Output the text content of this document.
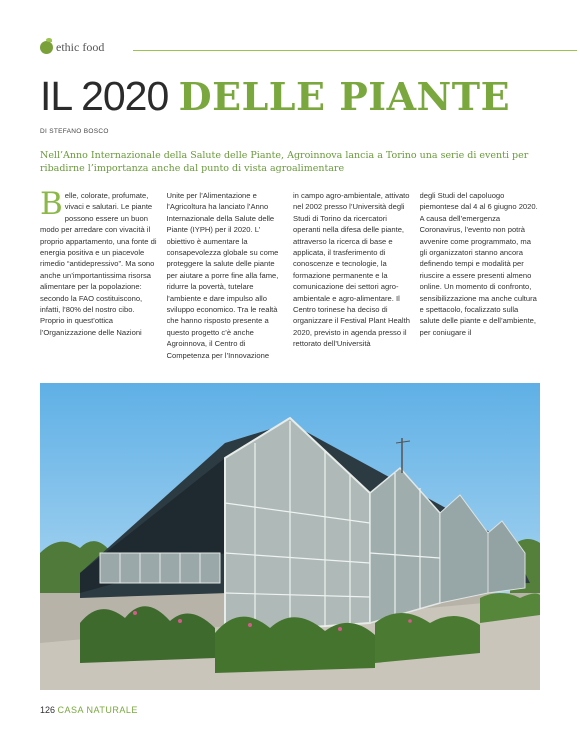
ethic food
IL 2020 DELLE PIANTE
DI STEFANO BOSCO
Nell’Anno Internazionale della Salute delle Piante, Agroinnova lancia a Torino una serie di eventi per ribadirne l’importanza anche dal punto di vista agroalimentare
B elle, colorate, profumate, vivaci e salutari. Le piante possono essere un buon modo per arredare con vivacità il proprio appartamento, una fonte di energia positiva e un piacevole rimedio “antidepressivo”. Ma sono anche un’importantissima risorsa alimentare per la popolazione: secondo la FAO costituiscono, infatti, l’80% del nostro cibo. Proprio in quest’ottica l’Organizzazione delle Nazioni

Unite per l’Alimentazione e l’Agricoltura ha lanciato l’Anno Internazionale della Salute delle Piante (IYPH) per il 2020. L’ obiettivo è aumentare la consapevolezza globale su come proteggere la salute delle piante per aiutare a porre fine alla fame, ridurre la povertà, tutelare l’ambiente e dare impulso allo sviluppo economico. Tra le realtà che hanno risposto presente a questo progetto c’è anche Agroinnova, il Centro di Competenza per l’Innovazione

in campo agro-ambientale, attivato nel 2002 presso l’Università degli Studi di Torino da ricercatori operanti nella difesa delle piante, attraverso la ricerca di base e applicata, il trasferimento di conoscenze e tecnologie, la formazione permanente e la comunicazione dei settori agro-ambientale e agro-alimentare. Il Centro torinese ha deciso di organizzare il Festival Plant Health 2020, previsto in agenda presso il rettorato dell’Università

degli Studi del capoluogo piemontese dal 4 al 6 giugno 2020. A causa dell’emergenza Coronavirus, l’evento non potrà avvenire come programmato, ma gli organizzatori stanno ancora definendo tempi e modalità per riuscire a essere presenti almeno online. Un momento di confronto, sensibilizzazione ma anche cultura e spettacolo, focalizzato sulla salute delle piante e dell’ambiente, per coniugare il

126 CASA NATURALE
